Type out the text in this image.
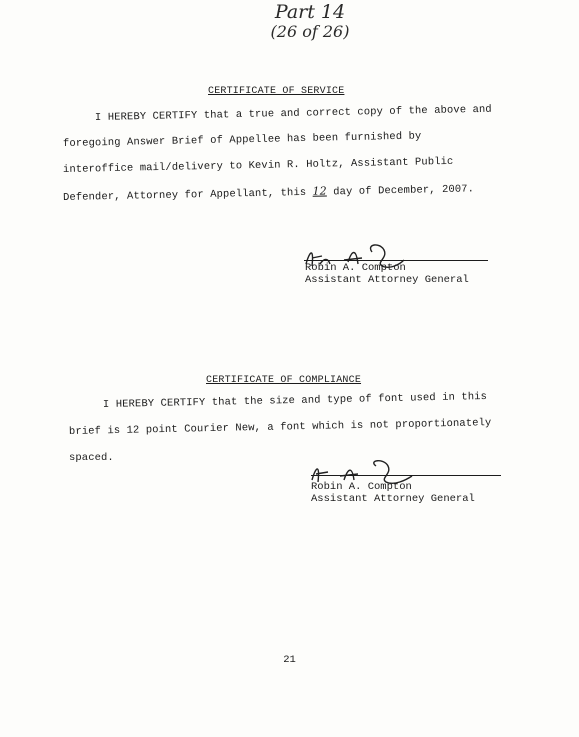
Part 14
(26 of 26)
CERTIFICATE OF SERVICE
I HEREBY CERTIFY that a true and correct copy of the above and
foregoing Answer Brief of Appellee has been furnished by
interoffice mail/delivery to Kevin R. Holtz, Assistant Public
Defender, Attorney for Appellant, this 12 day of December, 2007.
Robin A. Compton
Assistant Attorney General
CERTIFICATE OF COMPLIANCE
I HEREBY CERTIFY that the size and type of font used in this
brief is 12 point Courier New, a font which is not proportionately
spaced.
Robin A. Compton
Assistant Attorney General
21
